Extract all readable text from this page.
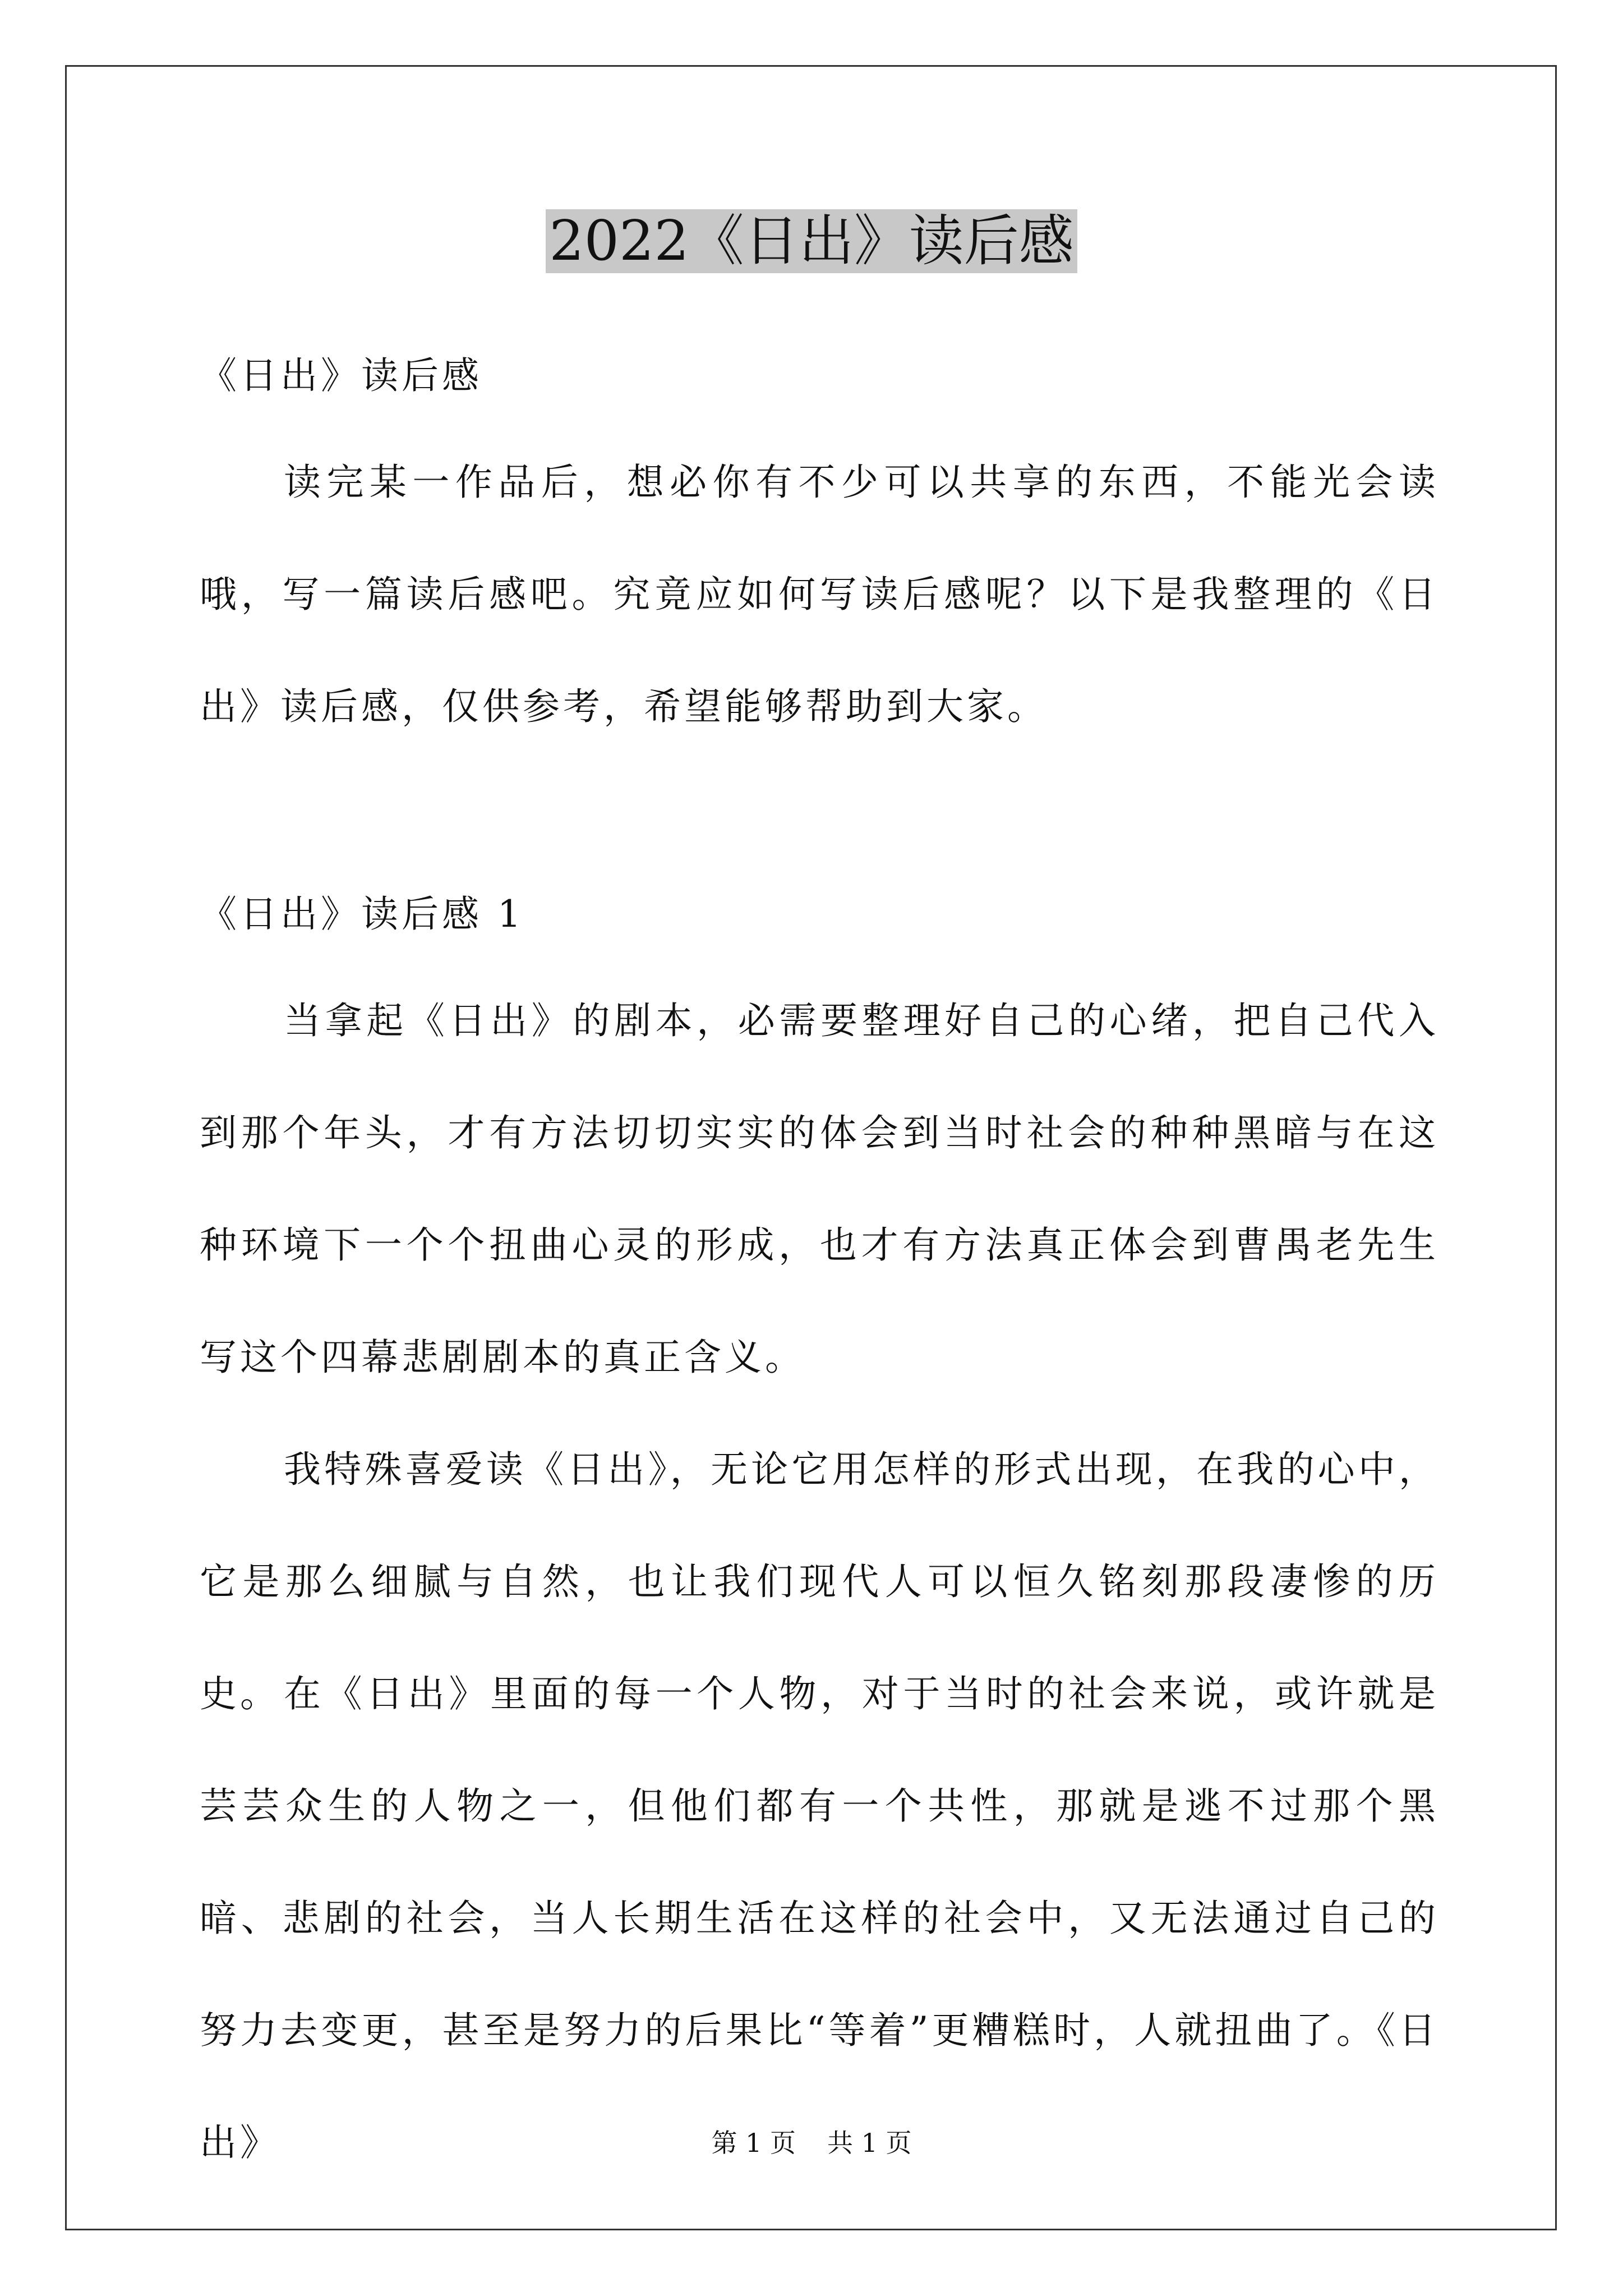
2022《日出》读后感
《日出》读后感
读完某一作品后，想必你有不少可以共享的东西，不能光会读哦，写一篇读后感吧。究竟应如何写读后感呢？以下是我整理的《日出》读后感，仅供参考，希望能够帮助到大家。
《日出》读后感 1
当拿起《日出》的剧本，必需要整理好自己的心绪，把自己代入到那个年头，才有方法切切实实的体会到当时社会的种种黑暗与在这种环境下一个个扭曲心灵的形成，也才有方法真正体会到曹禺老先生写这个四幕悲剧剧本的真正含义。
我特殊喜爱读《日出》，无论它用怎样的形式出现，在我的心中，它是那么细腻与自然，也让我们现代人可以恒久铭刻那段凄惨的历史。 在《日出》里面的每一个人物，对于当时的社会来说，或许就是芸芸众生的人物之一，但他们都有一个共性，那就是逃不过那个黑暗、悲剧的社会，当人长期生活在这样的社会中，又无法通过自己的努力去变更，甚至是努力的后果比“等着”更糟糕时，人就扭曲了。《日出》	第 1 页 共 1 页
